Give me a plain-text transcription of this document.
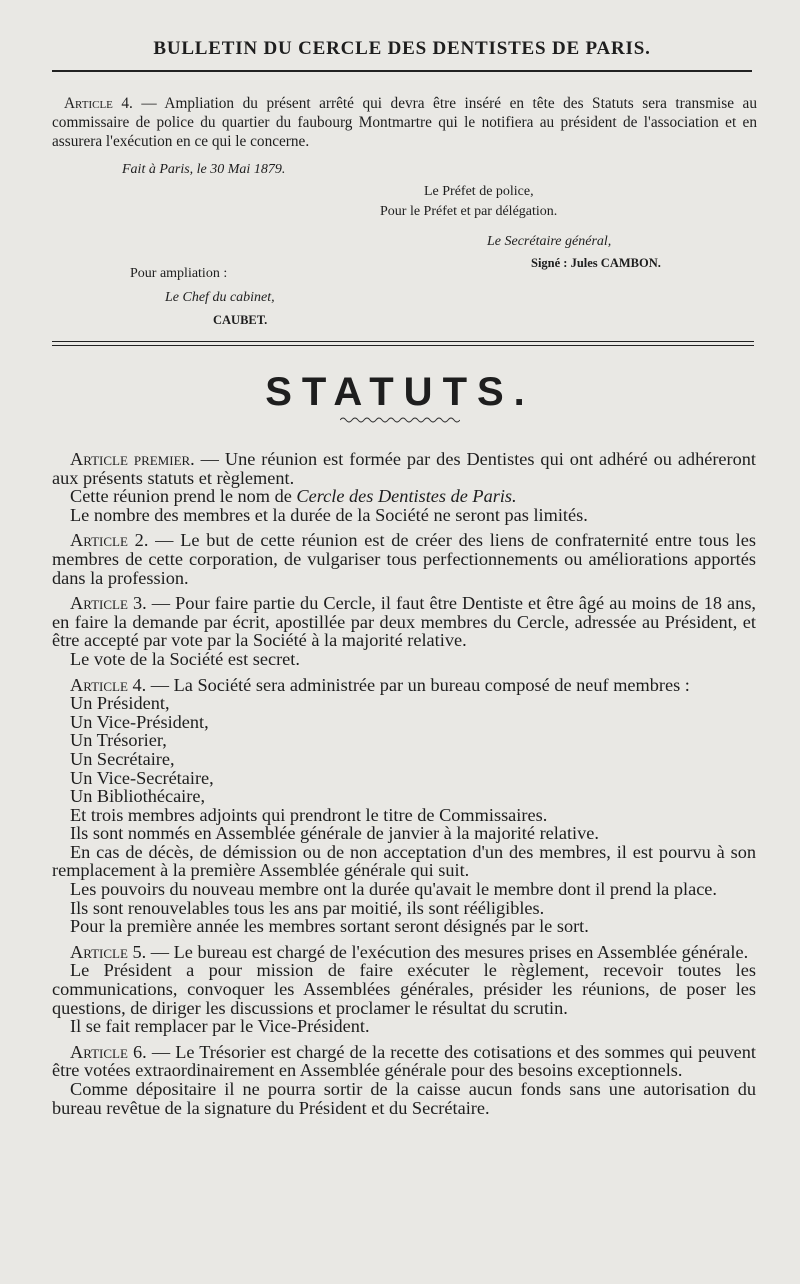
BULLETIN DU CERCLE DES DENTISTES DE PARIS.

Article 4. — Ampliation du présent arrêté qui devra être inséré en tête des Statuts sera transmise au commissaire de police du quartier du faubourg Montmartre qui le notifiera au président de l'association et en assurera l'exécution en ce qui le concerne.

Fait à Paris, le 30 Mai 1879.
Le Préfet de police,
Pour le Préfet et par délégation.
Le Secrétaire général,
Signé : Jules CAMBON.
Pour ampliation :
Le Chef du cabinet,
CAUBET.
STATUTS.

Article premier. — Une réunion est formée par des Dentistes qui ont adhéré ou adhéreront aux présents statuts et règlement.

Cette réunion prend le nom de Cercle des Dentistes de Paris.

Le nombre des membres et la durée de la Société ne seront pas limités.

Article 2. — Le but de cette réunion est de créer des liens de confraternité entre tous les membres de cette corporation, de vulgariser tous perfectionnements ou améliorations apportés dans la profession.

Article 3. — Pour faire partie du Cercle, il faut être Dentiste et être âgé au moins de 18 ans, en faire la demande par écrit, apostillée par deux membres du Cercle, adressée au Président, et être accepté par vote par la Société à la majorité relative.

Le vote de la Société est secret.

Article 4. — La Société sera administrée par un bureau composé de neuf membres :

Un Président,

Un Vice-Président,

Un Trésorier,

Un Secrétaire,

Un Vice-Secrétaire,

Un Bibliothécaire,

Et trois membres adjoints qui prendront le titre de Commissaires.

Ils sont nommés en Assemblée générale de janvier à la majorité relative.

En cas de décès, de démission ou de non acceptation d'un des membres, il est pourvu à son remplacement à la première Assemblée générale qui suit.

Les pouvoirs du nouveau membre ont la durée qu'avait le membre dont il prend la place.

Ils sont renouvelables tous les ans par moitié, ils sont rééligibles.

Pour la première année les membres sortant seront désignés par le sort.

Article 5. — Le bureau est chargé de l'exécution des mesures prises en Assemblée générale.

Le Président a pour mission de faire exécuter le règlement, recevoir toutes les communications, convoquer les Assemblées générales, présider les réunions, de poser les questions, de diriger les discussions et proclamer le résultat du scrutin.

Il se fait remplacer par le Vice-Président.

Article 6. — Le Trésorier est chargé de la recette des cotisations et des sommes qui peuvent être votées extraordinairement en Assemblée générale pour des besoins exceptionnels.

Comme dépositaire il ne pourra sortir de la caisse aucun fonds sans une autorisation du bureau revêtue de la signature du Président et du Secrétaire.
